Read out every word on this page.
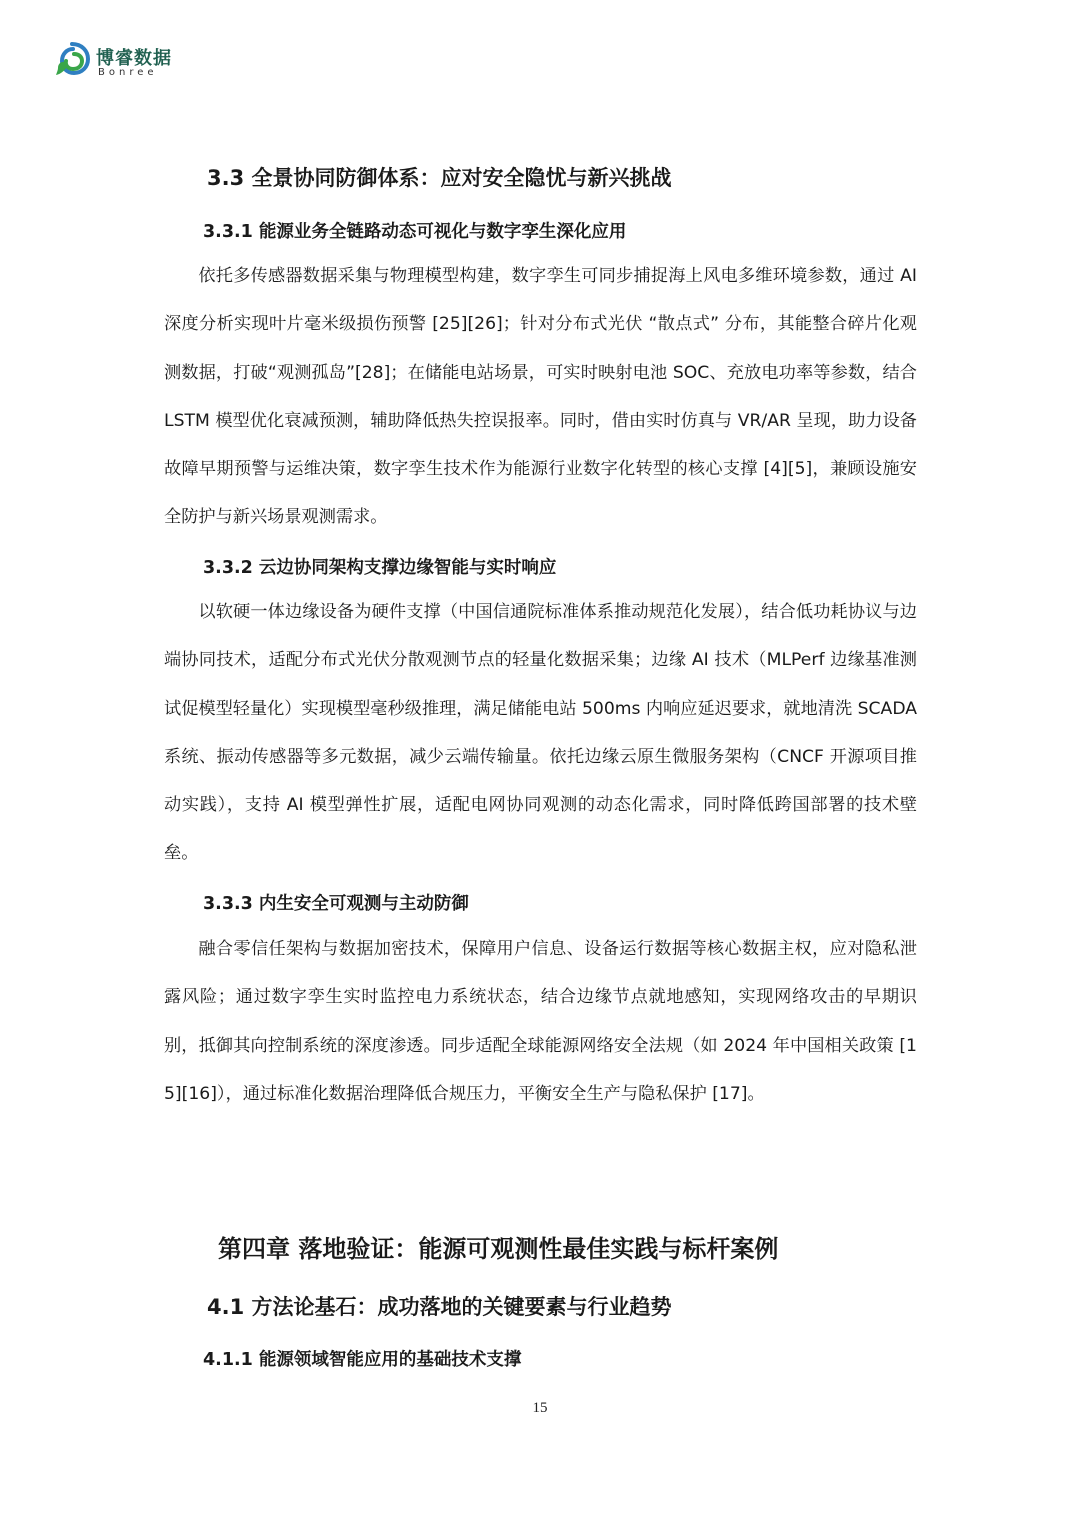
博睿数据
Bonree
3.3 全景协同防御体系：应对安全隐忧与新兴挑战
3.3.1 能源业务全链路动态可视化与数字孪生深化应用

依托多传感器数据采集与物理模型构建，数字孪生可同步捕捉海上风电多维环境参数，通过 AI 深度分析实现叶片毫米级损伤预警 [25][26]；针对分布式光伏 “散点式” 分布，其能整合碎片化观测数据，打破“观测孤岛”[28]；在储能电站场景，可实时映射电池 SOC、充放电功率等参数，结合 LSTM 模型优化衰减预测，辅助降低热失控误报率。同时，借由实时仿真与 VR/AR 呈现，助力设备故障早期预警与运维决策，数字孪生技术作为能源行业数字化转型的核心支撑 [4][5]，兼顾设施安全防护与新兴场景观测需求。

3.3.2 云边协同架构支撑边缘智能与实时响应

以软硬一体边缘设备为硬件支撑（中国信通院标准体系推动规范化发展），结合低功耗协议与边端协同技术，适配分布式光伏分散观测节点的轻量化数据采集；边缘 AI 技术（MLPerf 边缘基准测试促模型轻量化）实现模型毫秒级推理，满足储能电站 500ms 内响应延迟要求，就地清洗 SCADA 系统、振动传感器等多元数据，减少云端传输量。依托边缘云原生微服务架构（CNCF 开源项目推动实践），支持 AI 模型弹性扩展，适配电网协同观测的动态化需求，同时降低跨国部署的技术壁垒。

3.3.3 内生安全可观测与主动防御

融合零信任架构与数据加密技术，保障用户信息、设备运行数据等核心数据主权，应对隐私泄露风险；通过数字孪生实时监控电力系统状态，结合边缘节点就地感知，实现网络攻击的早期识别，抵御其向控制系统的深度渗透。同步适配全球能源网络安全法规（如 2024 年中国相关政策 [15][16]），通过标准化数据治理降低合规压力，平衡安全生产与隐私保护 [17]。

第四章 落地验证：能源可观测性最佳实践与标杆案例
4.1 方法论基石：成功落地的关键要素与行业趋势
4.1.1 能源领域智能应用的基础技术支撑
15
